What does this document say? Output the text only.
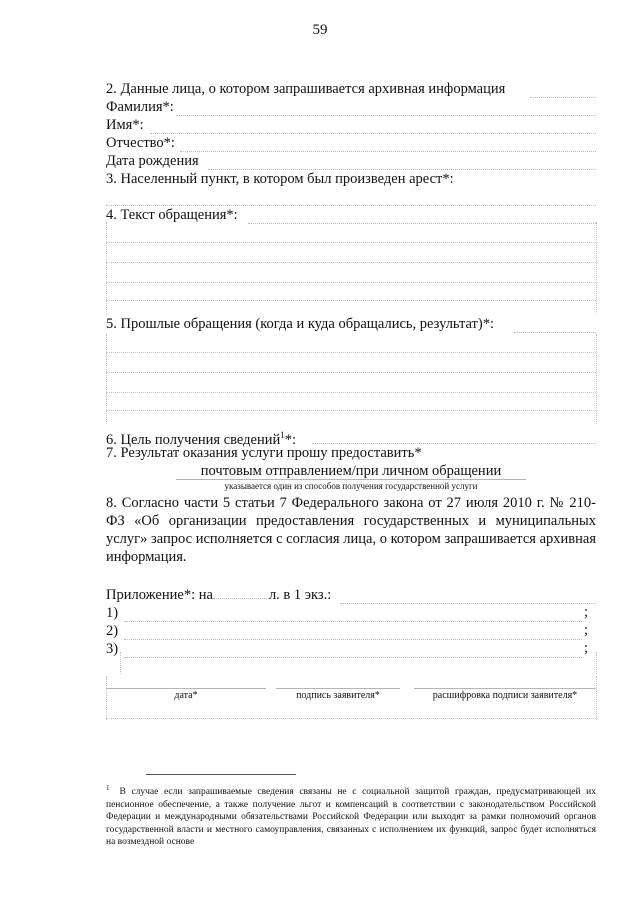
59
2. Данные лица, о котором запрашивается архивная информация
Фамилия*:
Имя*:
Отчество*:
Дата рождения
3. Населенный пункт, в котором был произведен арест*:
4. Текст обращения*:
5. Прошлые обращения (когда и куда обращались, результат)*:
6. Цель получения сведений$^1$*:
7. Результат оказания услуги прошу предоставить*
почтовым отправлением/при личном обращении
указывается один из способов получения государственной услуги
8. Согласно части 5 статьи 7 Федерального закона от 27 июля 2010 г. № 210-ФЗ «Об организации предоставления государственных и муниципальных услуг» запрос исполняется с согласия лица, о котором запрашивается архивная информация.
Приложение*: на	л. в 1 экз.:
1)	;
2)	;
3)	;
дата*	подпись заявителя*	расшифровка подписи заявителя*
$^1$ В случае если запрашиваемые сведения связаны не с социальной защитой граждан, предусматривающей их пенсионное обеспечение, а также получение льгот и компенсаций в соответствии с законодательством Российской Федерации и международными обязательствами Российской Федерации или выходят за рамки полномочий органов государственной власти и местного самоуправления, связанных с исполнением их функций, запрос будет исполняться на возмездной основе
